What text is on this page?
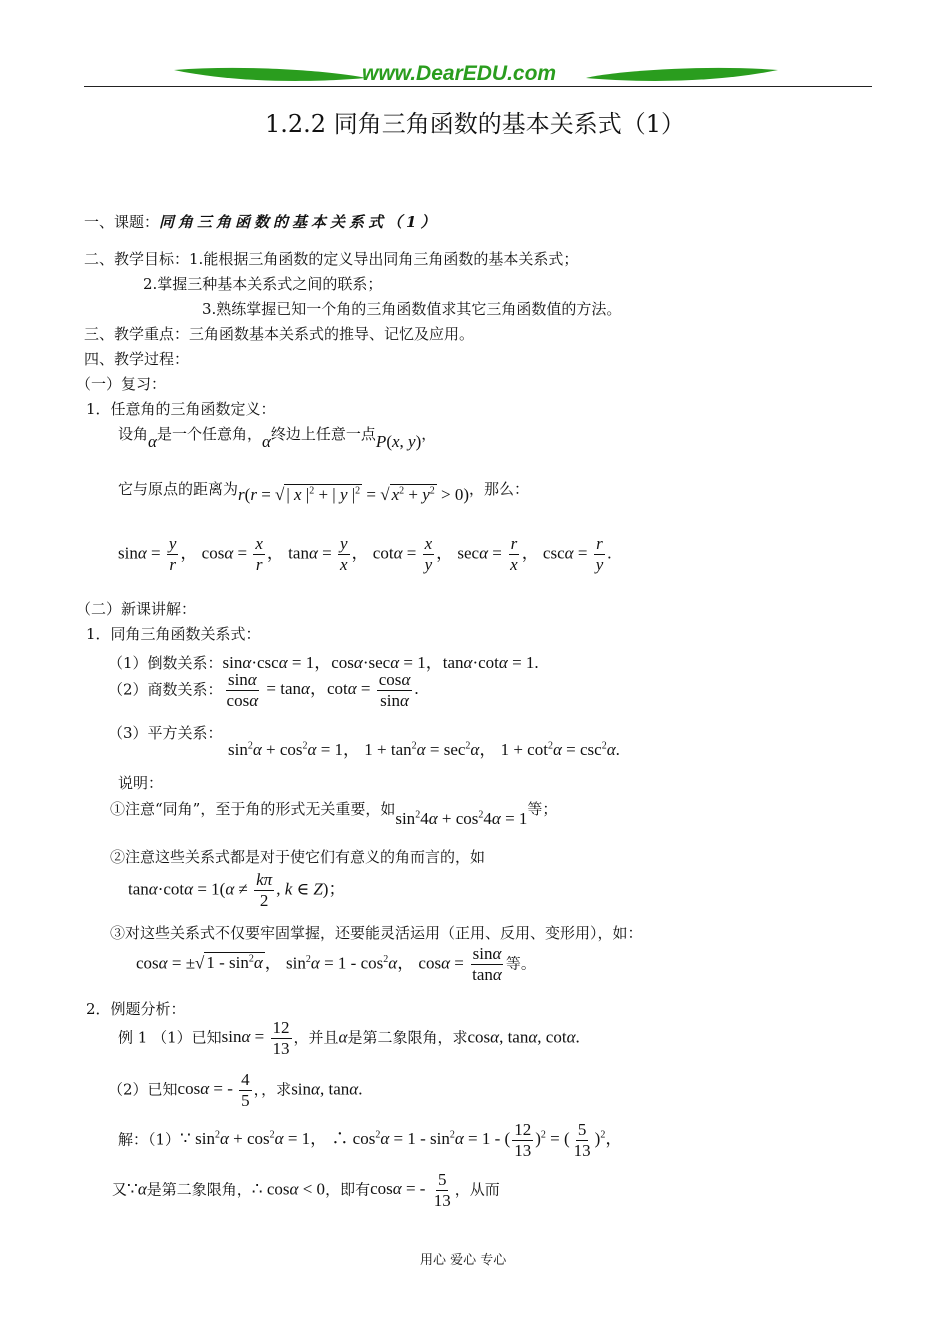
www.DearEDU.com
1.2.2 同角三角函数的基本关系式（1）
一、课题：同角三角函数的基本关系式（1）
二、教学目标：1.能根据三角函数的定义导出同角三角函数的基本关系式；
2.掌握三种基本关系式之间的联系；
3.熟练掌握已知一个角的三角函数值求其它三角函数值的方法。
三、教学重点：三角函数基本关系式的推导、记忆及应用。
四、教学过程：
（一）复习：
1．任意角的三角函数定义：
设角α是一个任意角，α终边上任意一点P(x, y)，
它与原点的距离为r(r = √ | x $|^2$ + | y $|^2$ = √ $x^2 + y^2 > 0$)，那么：
$\sin\alpha = \frac{y}{r}$ ， $\cos\alpha = \frac{x}{r}$ ， $\tan\alpha = \frac{y}{x}$ ， $\cot\alpha = \frac{x}{y}$ ， $\sec\alpha = \frac{r}{x}$ ， $\csc\alpha = \frac{r}{y}$ .
（二）新课讲解：
1．同角三角函数关系式：
（1）倒数关系：sinα·cscα = 1，cosα·secα = 1，tanα·cotα = 1.
（2）商数关系： $\frac{\sin\alpha}{\cos\alpha} = \tan\alpha$，$\cot\alpha = \frac{\cos\alpha}{\sin\alpha}$ .
（3）平方关系：
$\sin^2\alpha + \cos^2\alpha = 1$， $1 + \tan^2\alpha = \sec^2\alpha$， $1 + \cot^2\alpha = \csc^2\alpha$.
说明：
①注意“同角”，至于角的形式无关重要，如$\sin^24\alpha + \cos^24\alpha = 1$等；
②注意这些关系式都是对于使它们有意义的角而言的，如
$\tan\alpha\cdot\cot\alpha = 1(\alpha \ne \frac{k\pi}{2}$ , k ∈ Z)；
③对这些关系式不仅要牢固掌握，还要能灵活运用（正用、反用、变形用），如：
cosα = ±√ $1 - \sin^2\alpha$ ， $\sin^2\alpha = 1 - \cos^2\alpha$， $\cos\alpha = \frac{\sin\alpha}{\tan\alpha}$ 等。
2．例题分析：
例 1 （1）已知$\sin\alpha = \frac{12}{13}$ ，并且α是第二象限角，求cosα, tanα, cotα.
（2）已知cosα = - $\frac{4}{5}$ ，，求sinα, tanα.
解：（1）∵ $\sin^2\alpha + \cos^2\alpha = 1$， ∴ $\cos^2\alpha = 1 - \sin^2\alpha = 1$ - ( $\frac{12}{13} )^2$ = ( $\frac{5}{13} )^2$，
又∵α是第二象限角，∴ cosα < 0，即有cosα = - $\frac{5}{13}$ ，从而
用心 爱心 专心
